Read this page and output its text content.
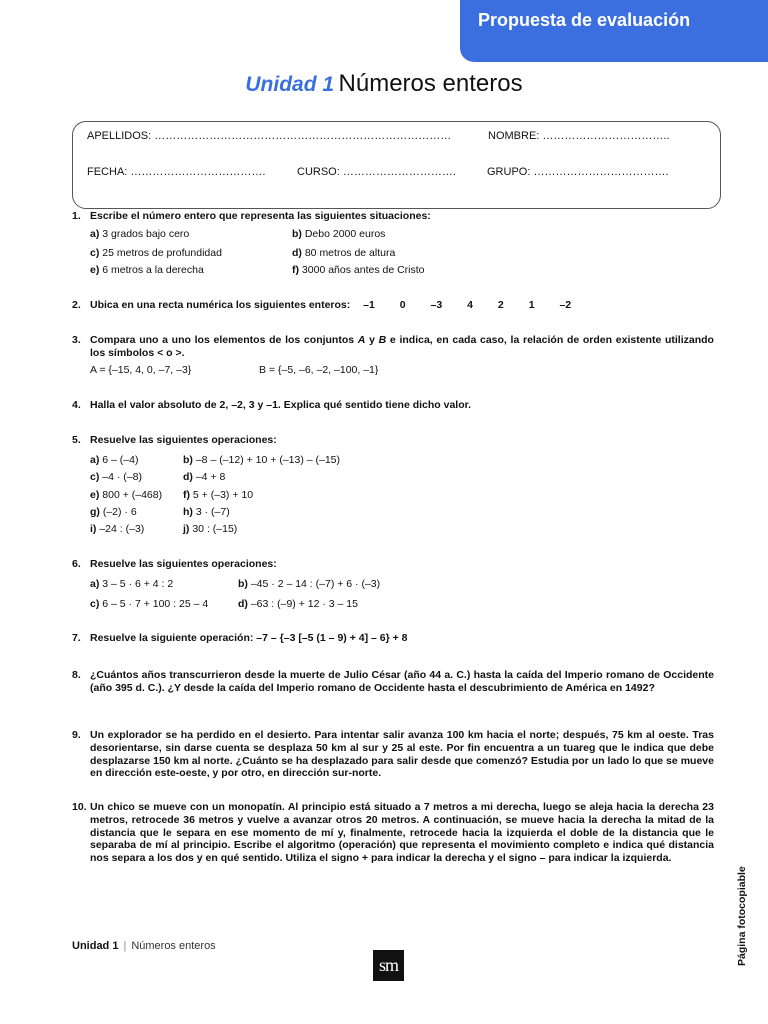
Propuesta de evaluación
Unidad 1 Números enteros
APELLIDOS: ………………………………………………………………………	NOMBRE: ……………………………..
FECHA: ……………………………….	CURSO: ………………………….	GRUPO: ……………………………….
1. Escribe el número entero que representa las siguientes situaciones:
a) 3 grados bajo cero	b) Debo 2000 euros
c) 25 metros de profundidad	d) 80 metros de altura
e) 6 metros a la derecha	f) 3000 años antes de Cristo
2. Ubica en una recta numérica los siguientes enteros: –1 0 –3 4 2 1 –2
3. Compara uno a uno los elementos de los conjuntos A y B e indica, en cada caso, la relación de orden existente utilizando los símbolos < o >.
A = {–15, 4, 0, –7, –3}	B = {–5, –6, –2, –100, –1}
4. Halla el valor absoluto de 2, –2, 3 y –1. Explica qué sentido tiene dicho valor.
5. Resuelve las siguientes operaciones:
a) 6 – (–4)	b) –8 – (–12) + 10 + (–13) – (–15)
c) –4 · (–8)	d) –4 + 8
e) 800 + (–468) f) 5 + (–3) + 10
g) (–2) · 6	h) 3 · (–7)
i) –24 : (–3)	j) 30 : (–15)
6. Resuelve las siguientes operaciones:
a) 3 – 5 · 6 + 4 : 2	b) –45 · 2 – 14 : (–7) + 6 · (–3)
c) 6 – 5 · 7 + 100 : 25 – 4	d) –63 : (–9) + 12 · 3 – 15
7. Resuelve la siguiente operación: –7 – {–3 [–5 (1 – 9) + 4] – 6} + 8
8. ¿Cuántos años transcurrieron desde la muerte de Julio César (año 44 a. C.) hasta la caída del Imperio romano de Occidente (año 395 d. C.). ¿Y desde la caída del Imperio romano de Occidente hasta el descubrimiento de América en 1492?
9. Un explorador se ha perdido en el desierto. Para intentar salir avanza 100 km hacia el norte; después, 75 km al oeste. Tras desorientarse, sin darse cuenta se desplaza 50 km al sur y 25 al este. Por fin encuentra a un tuareg que le indica que debe desplazarse 150 km al norte. ¿Cuánto se ha desplazado para salir desde que comenzó? Estudia por un lado lo que se mueve en dirección este-oeste, y por otro, en dirección sur-norte.
10. Un chico se mueve con un monopatín. Al principio está situado a 7 metros a mi derecha, luego se aleja hacia la derecha 23 metros, retrocede 36 metros y vuelve a avanzar otros 20 metros. A continuación, se mueve hacia la derecha la mitad de la distancia que le separa en ese momento de mí y, finalmente, retrocede hacia la izquierda el doble de la distancia que le separaba de mí al principio. Escribe el algoritmo (operación) que representa el movimiento completo e indica qué distancia nos separa a los dos y en qué sentido. Utiliza el signo + para indicar la derecha y el signo – para indicar la izquierda.
Unidad 1 | Números enteros
sm	Página fotocopiable
